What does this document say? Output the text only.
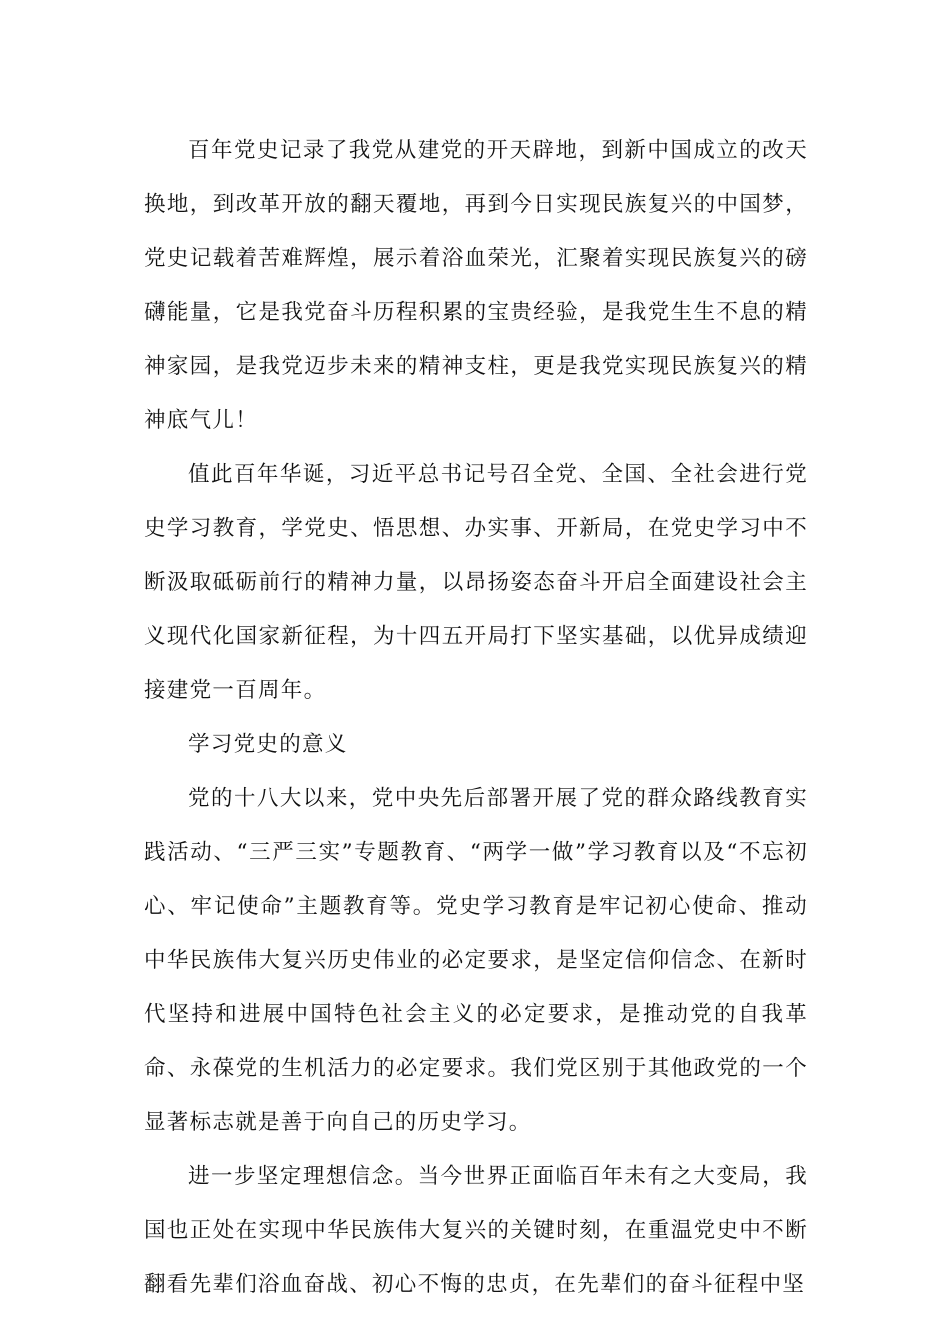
百年党史记录了我党从建党的开天辟地，到新中国成立的改天换地，到改革开放的翻天覆地，再到今日实现民族复兴的中国梦，党史记载着苦难辉煌，展示着浴血荣光，汇聚着实现民族复兴的磅礴能量，它是我党奋斗历程积累的宝贵经验，是我党生生不息的精神家园，是我党迈步未来的精神支柱，更是我党实现民族复兴的精神底气儿！

值此百年华诞，习近平总书记号召全党、全国、全社会进行党史学习教育，学党史、悟思想、办实事、开新局，在党史学习中不断汲取砥砺前行的精神力量，以昂扬姿态奋斗开启全面建设社会主义现代化国家新征程，为十四五开局打下坚实基础，以优异成绩迎接建党一百周年。

学习党史的意义

党的十八大以来，党中央先后部署开展了党的群众路线教育实践活动、“三严三实”专题教育、“两学一做”学习教育以及“不忘初心、牢记使命”主题教育等。党史学习教育是牢记初心使命、推动中华民族伟大复兴历史伟业的必定要求，是坚定信仰信念、在新时代坚持和进展中国特色社会主义的必定要求，是推动党的自我革命、永葆党的生机活力的必定要求。我们党区别于其他政党的一个显著标志就是善于向自己的历史学习。

进一步坚定理想信念。当今世界正面临百年未有之大变局，我国也正处在实现中华民族伟大复兴的关键时刻，在重温党史中不断翻看先辈们浴血奋战、初心不悔的忠贞，在先辈们的奋斗征程中坚
